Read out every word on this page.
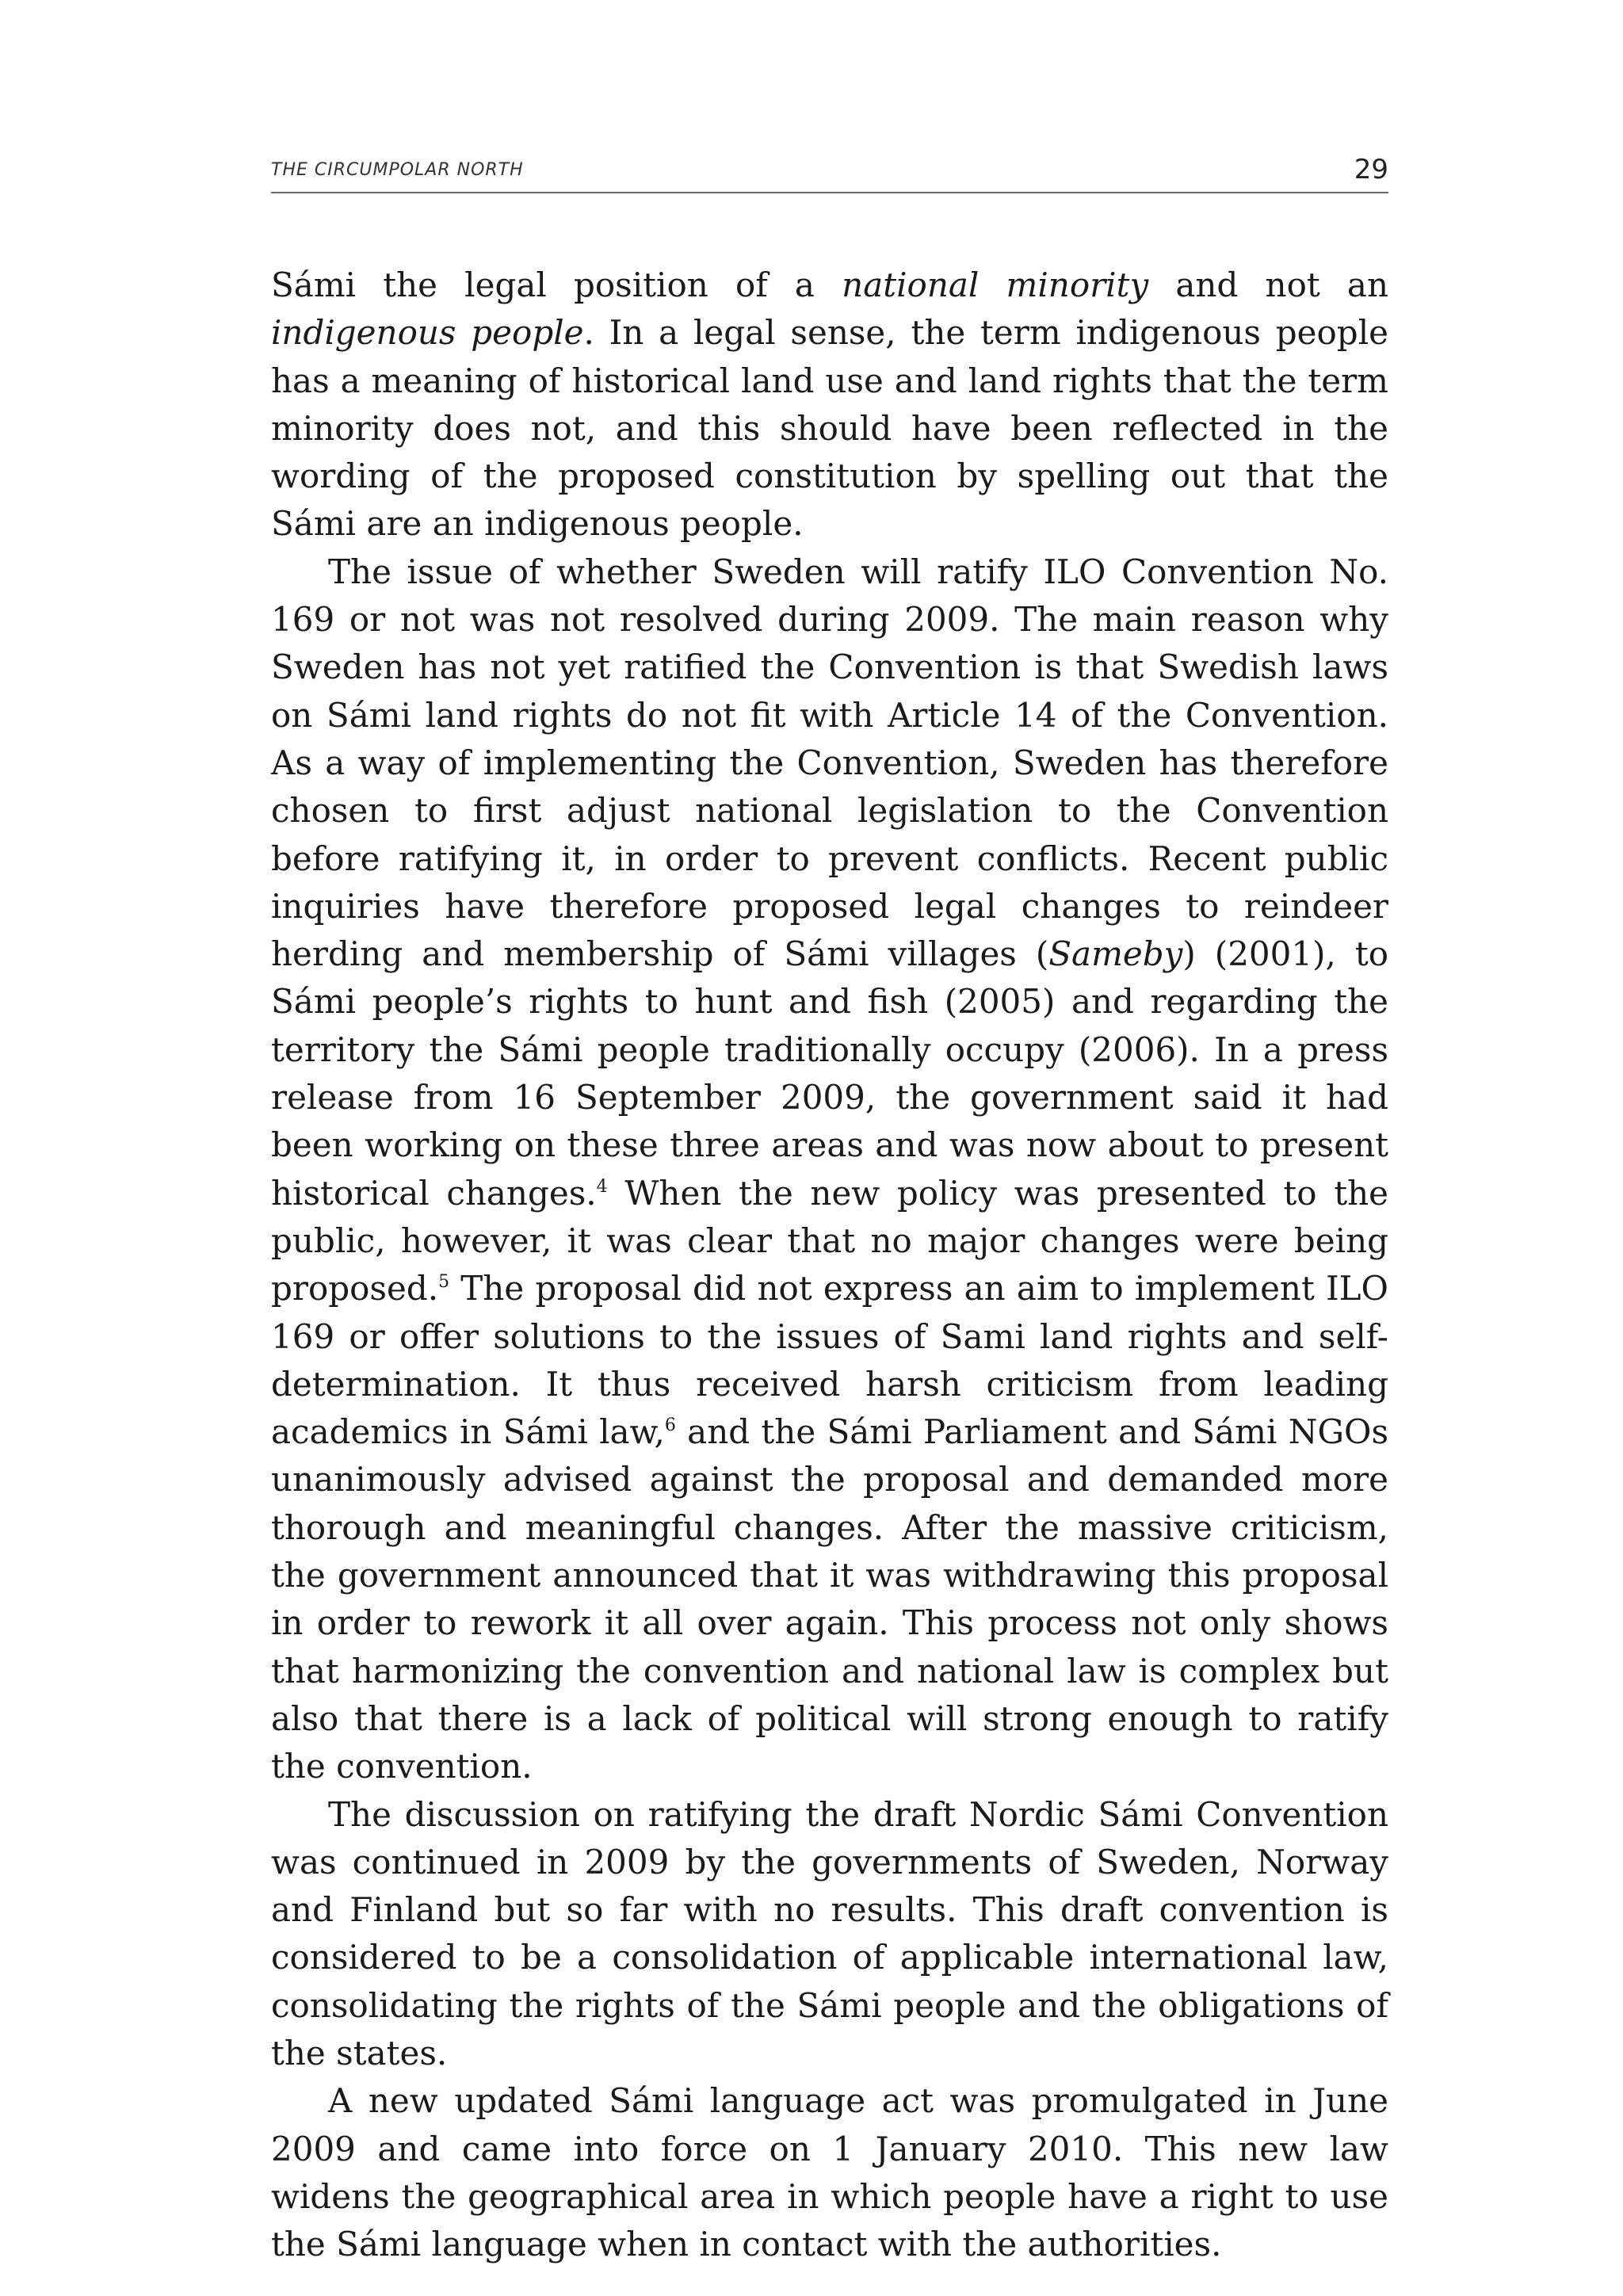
THE CIRCUMPOLAR NORTH	29

Sámi the legal position of a national minority and not an indigenous people. In a legal sense, the term indigenous people has a meaning of historical land use and land rights that the term minority does not, and this should have been reflected in the wording of the proposed constitution by spelling out that the Sámi are an indigenous people.

The issue of whether Sweden will ratify ILO Convention No. 169 or not was not resolved during 2009. The main reason why Sweden has not yet ratified the Convention is that Swedish laws on Sámi land rights do not fit with Article 14 of the Convention. As a way of implementing the Convention, Sweden has therefore chosen to first adjust national legislation to the Convention before ratifying it, in order to prevent conflicts. Recent public inquiries have therefore proposed legal changes to reindeer herding and membership of Sámi villages (Sameby) (2001), to Sámi people’s rights to hunt and fish (2005) and regarding the territory the Sámi people traditionally occupy (2006). In a press release from 16 September 2009, the government said it had been working on these three areas and was now about to present historical changes.$^4$ When the new policy was presented to the public, however, it was clear that no major changes were being proposed.$^5$ The proposal did not express an aim to implement ILO 169 or offer solutions to the issues of Sami land rights and self-determination. It thus received harsh criticism from leading academics in Sámi law,$^6$ and the Sámi Parliament and Sámi NGOs unanimously advised against the proposal and demanded more thorough and meaningful changes. After the massive criticism, the government announced that it was withdrawing this proposal in order to rework it all over again. This process not only shows that harmonizing the convention and national law is complex but also that there is a lack of political will strong enough to ratify the convention.

The discussion on ratifying the draft Nordic Sámi Convention was continued in 2009 by the governments of Sweden, Norway and Finland but so far with no results. This draft convention is considered to be a consolidation of applicable international law, consolidating the rights of the Sámi people and the obligations of the states.

A new updated Sámi language act was promulgated in June 2009 and came into force on 1 January 2010. This new law widens the geographical area in which people have a right to use the Sámi language when in contact with the authorities.
